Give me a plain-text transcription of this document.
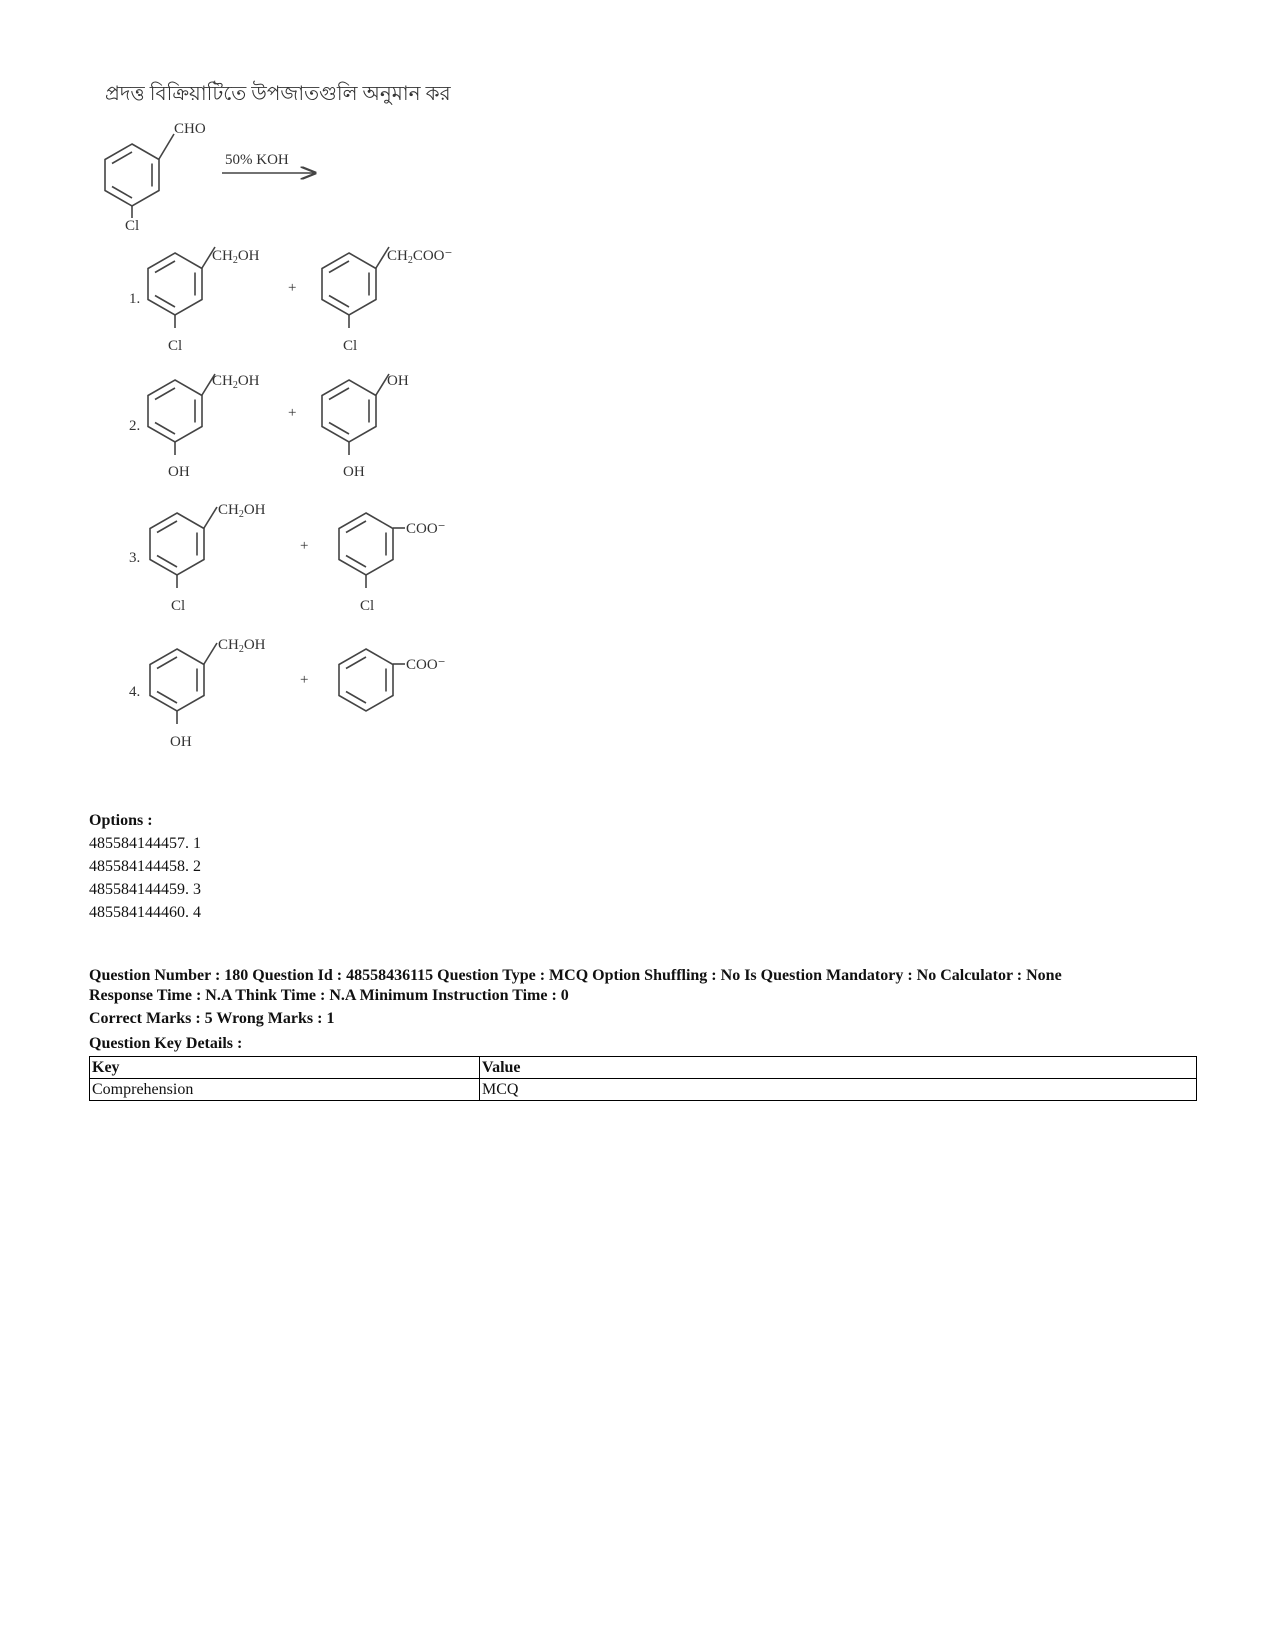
প্রদত্ত বিক্রিয়াটিতে উপজাতগুলি অনুমান কর
CHO
Cl
50% KOH
1.
$CH_2OH$
Cl
+
$CH_2COO^-$
Cl
2.
$CH_2OH$
OH
+
OH
OH
3.
$CH_2OH$
Cl
+
COO⁻
Cl
4.
$CH_2OH$
OH
+
COO⁻
Options :
485584144457. 1
485584144458. 2
485584144459. 3
485584144460. 4
Question Number : 180 Question Id : 48558436115 Question Type : MCQ Option Shuffling : No Is Question Mandatory : No Calculator : None
Response Time : N.A Think Time : N.A Minimum Instruction Time : 0
Correct Marks : 5 Wrong Marks : 1
Question Key Details :
Key	Value
Comprehension	MCQ
